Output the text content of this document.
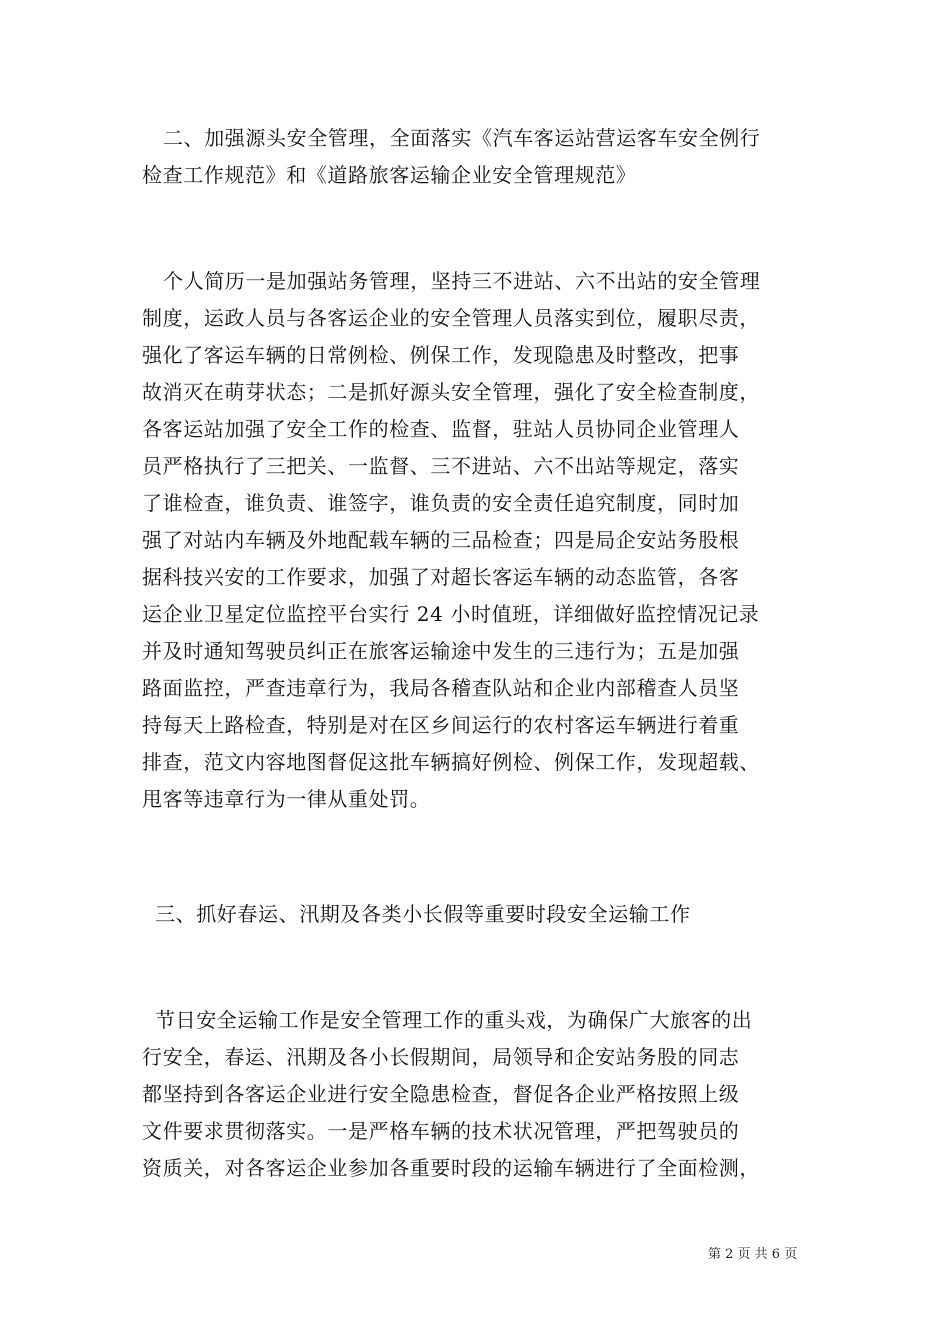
二、加强源头安全管理，全面落实《汽车客运站营运客车安全例行
检查工作规范》和《道路旅客运输企业安全管理规范》
个人简历一是加强站务管理，坚持三不进站、六不出站的安全管理
制度，运政人员与各客运企业的安全管理人员落实到位，履职尽责，
强化了客运车辆的日常例检、例保工作，发现隐患及时整改，把事
故消灭在萌芽状态；二是抓好源头安全管理，强化了安全检查制度，
各客运站加强了安全工作的检查、监督，驻站人员协同企业管理人
员严格执行了三把关、一监督、三不进站、六不出站等规定，落实
了谁检查，谁负责、谁签字，谁负责的安全责任追究制度，同时加
强了对站内车辆及外地配载车辆的三品检查；四是局企安站务股根
据科技兴安的工作要求，加强了对超长客运车辆的动态监管，各客
运企业卫星定位监控平台实行 24 小时值班，详细做好监控情况记录
并及时通知驾驶员纠正在旅客运输途中发生的三违行为；五是加强
路面监控，严查违章行为，我局各稽查队站和企业内部稽查人员坚
持每天上路检查，特别是对在区乡间运行的农村客运车辆进行着重
排查，范文内容地图督促这批车辆搞好例检、例保工作，发现超载、
甩客等违章行为一律从重处罚。
三、抓好春运、汛期及各类小长假等重要时段安全运输工作
节日安全运输工作是安全管理工作的重头戏，为确保广大旅客的出
行安全，春运、汛期及各小长假期间，局领导和企安站务股的同志
都坚持到各客运企业进行安全隐患检查，督促各企业严格按照上级
文件要求贯彻落实。一是严格车辆的技术状况管理，严把驾驶员的
资质关，对各客运企业参加各重要时段的运输车辆进行了全面检测，
第 2 页 共 6 页
